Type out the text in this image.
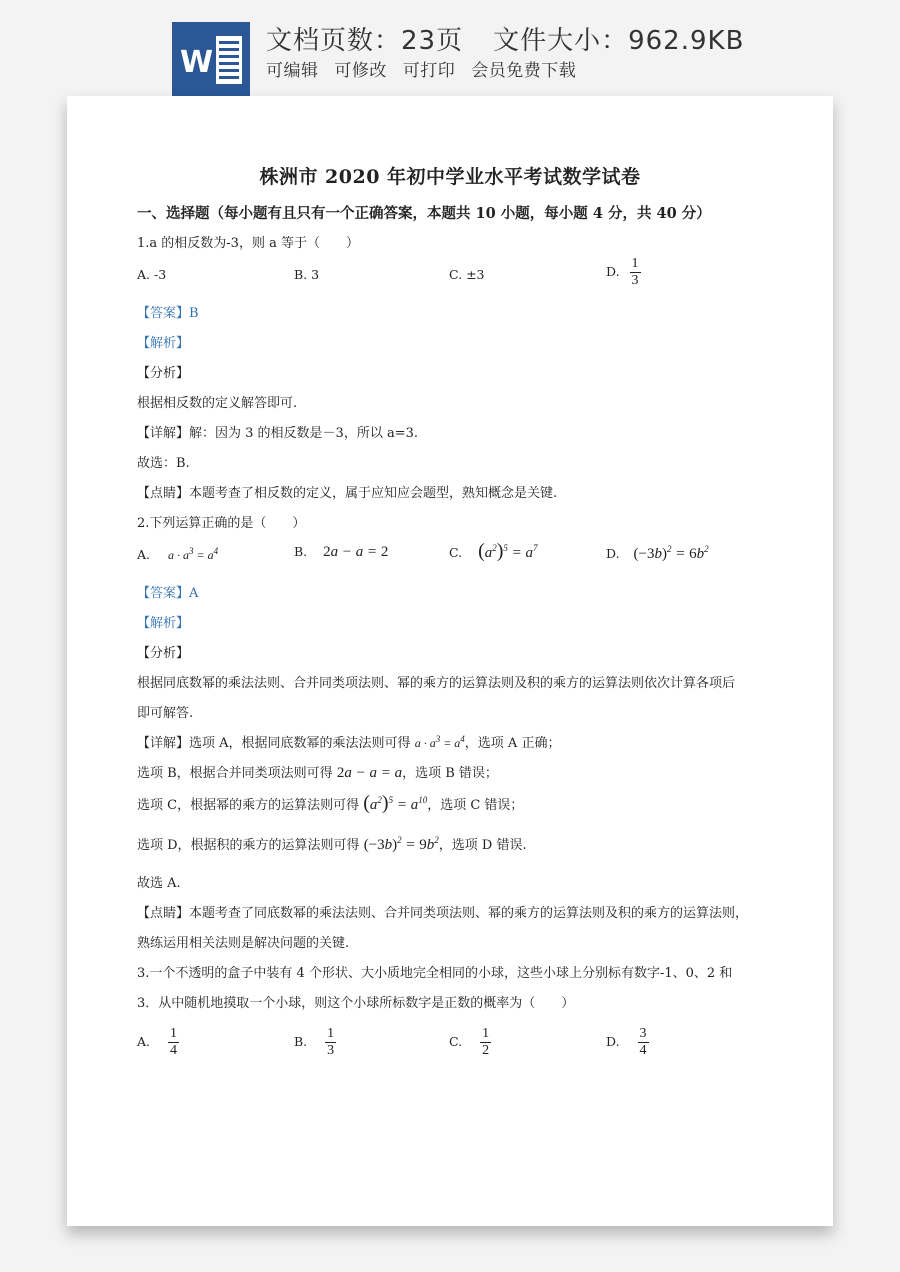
W
文档页数：23页 文件大小：962.9KB
可编辑 可修改 可打印 会员免费下载
株洲市 2020 年初中学业水平考试数学试卷
一、选择题（每小题有且只有一个正确答案，本题共 10 小题，每小题 4 分，共 40 分）
1.a 的相反数为-3，则 a 等于（　　）
A. -3	B. 3	C. ±3	D. $\frac{1}{3}$
【答案】B
【解析】
【分析】
根据相反数的定义解答即可.
【详解】解：因为 3 的相反数是－3，所以 a=3.
故选：B.
【点睛】本题考查了相反数的定义，属于应知应会题型，熟知概念是关键.
2.下列运算正确的是（　　）
A. $a \cdot a^3 = a^4$	B. 2a − a = 2	C. $(a^2)^5 = a^7$	D. $(-3b)^2 = 6b^2$
【答案】A
【解析】
【分析】
根据同底数幂的乘法法则、合并同类项法则、幂的乘方的运算法则及积的乘方的运算法则依次计算各项后
即可解答.
【详解】选项 A，根据同底数幂的乘法法则可得 $a \cdot a^3 = a^4$，选项 A 正确；
选项 B，根据合并同类项法则可得 2a − a = a，选项 B 错误；
选项 C，根据幂的乘方的运算法则可得 $(a^2)^5 = a^{10}$，选项 C 错误；
选项 D，根据积的乘方的运算法则可得 $(-3b)^2 = 9b^2$，选项 D 错误.
故选 A.
【点睛】本题考查了同底数幂的乘法法则、合并同类项法则、幂的乘方的运算法则及积的乘方的运算法则，
熟练运用相关法则是解决问题的关键.
3.一个不透明的盒子中装有 4 个形状、大小质地完全相同的小球，这些小球上分别标有数字-1、0、2 和
3．从中随机地摸取一个小球，则这个小球所标数字是正数的概率为（　　）
A. $\frac{1}{4}$	B. $\frac{1}{3}$	C. $\frac{1}{2}$	D. $\frac{3}{4}$
